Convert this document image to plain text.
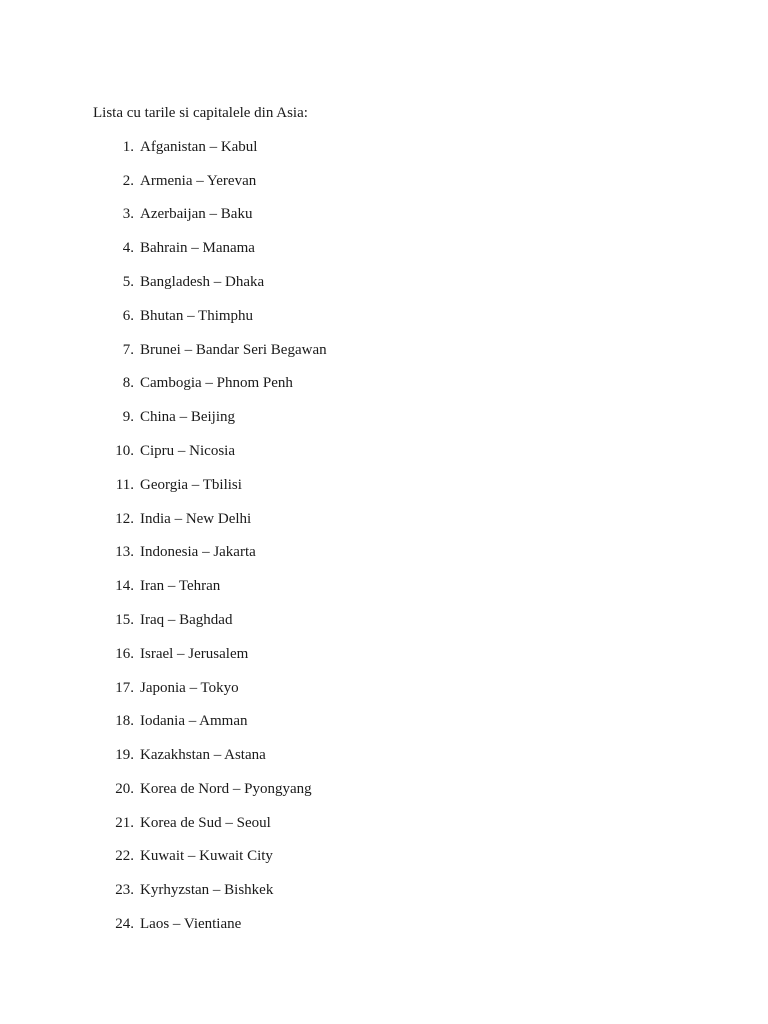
Lista cu tarile si capitalele din Asia:
1. Afganistan – Kabul
2. Armenia – Yerevan
3. Azerbaijan – Baku
4. Bahrain – Manama
5. Bangladesh – Dhaka
6. Bhutan – Thimphu
7. Brunei – Bandar Seri Begawan
8. Cambogia – Phnom Penh
9. China – Beijing
10. Cipru – Nicosia
11. Georgia – Tbilisi
12. India – New Delhi
13. Indonesia – Jakarta
14. Iran – Tehran
15. Iraq – Baghdad
16. Israel – Jerusalem
17. Japonia – Tokyo
18. Iodania – Amman
19. Kazakhstan – Astana
20. Korea de Nord – Pyongyang
21. Korea de Sud – Seoul
22. Kuwait – Kuwait City
23. Kyrhyzstan – Bishkek
24. Laos – Vientiane
